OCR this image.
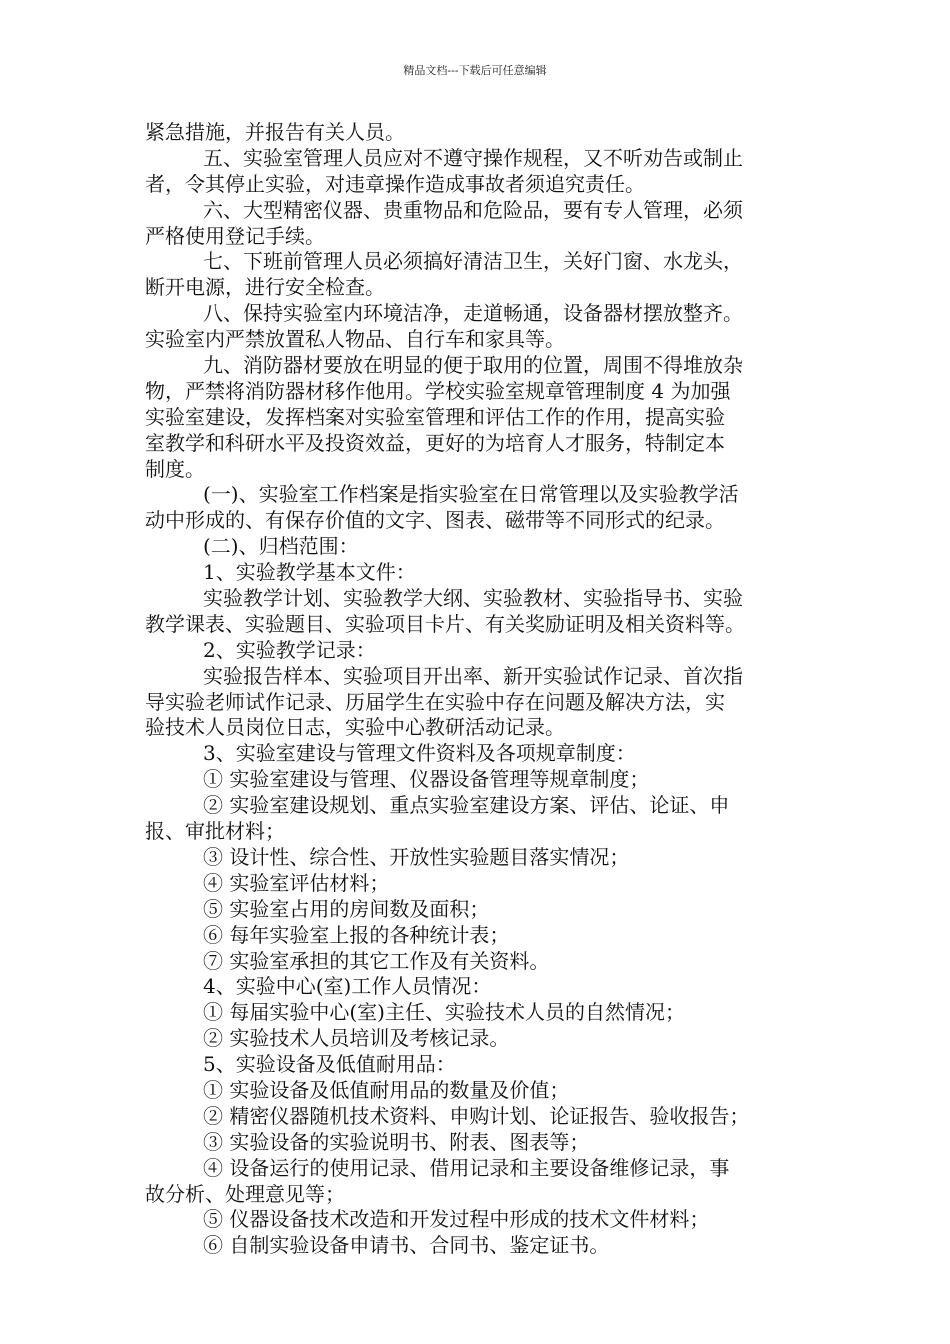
精品文档---下载后可任意编辑
紧急措施，并报告有关人员。
五、实验室管理人员应对不遵守操作规程，又不听劝告或制止
者，令其停止实验，对违章操作造成事故者须追究责任。
六、大型精密仪器、贵重物品和危险品，要有专人管理，必须
严格使用登记手续。
七、下班前管理人员必须搞好清洁卫生，关好门窗、水龙头，
断开电源，进行安全检查。
八、保持实验室内环境洁净，走道畅通，设备器材摆放整齐。
实验室内严禁放置私人物品、自行车和家具等。
九、消防器材要放在明显的便于取用的位置，周围不得堆放杂
物，严禁将消防器材移作他用。学校实验室规章管理制度 4 为加强
实验室建设，发挥档案对实验室管理和评估工作的作用，提高实验
室教学和科研水平及投资效益，更好的为培育人才服务，特制定本
制度。
(一)、实验室工作档案是指实验室在日常管理以及实验教学活
动中形成的、有保存价值的文字、图表、磁带等不同形式的纪录。
(二)、归档范围：
1、实验教学基本文件：
实验教学计划、实验教学大纲、实验教材、实验指导书、实验
教学课表、实验题目、实验项目卡片、有关奖励证明及相关资料等。
2、实验教学记录：
实验报告样本、实验项目开出率、新开实验试作记录、首次指
导实验老师试作记录、历届学生在实验中存在问题及解决方法，实
验技术人员岗位日志，实验中心教研活动记录。
3、实验室建设与管理文件资料及各项规章制度：
① 实验室建设与管理、仪器设备管理等规章制度；
② 实验室建设规划、重点实验室建设方案、评估、论证、申
报、审批材料；
③ 设计性、综合性、开放性实验题目落实情况；
④ 实验室评估材料；
⑤ 实验室占用的房间数及面积；
⑥ 每年实验室上报的各种统计表；
⑦ 实验室承担的其它工作及有关资料。
4、实验中心(室)工作人员情况：
① 每届实验中心(室)主任、实验技术人员的自然情况；
② 实验技术人员培训及考核记录。
5、实验设备及低值耐用品：
① 实验设备及低值耐用品的数量及价值；
② 精密仪器随机技术资料、申购计划、论证报告、验收报告；
③ 实验设备的实验说明书、附表、图表等；
④ 设备运行的使用记录、借用记录和主要设备维修记录，事
故分析、处理意见等；
⑤ 仪器设备技术改造和开发过程中形成的技术文件材料；
⑥ 自制实验设备申请书、合同书、鉴定证书。
